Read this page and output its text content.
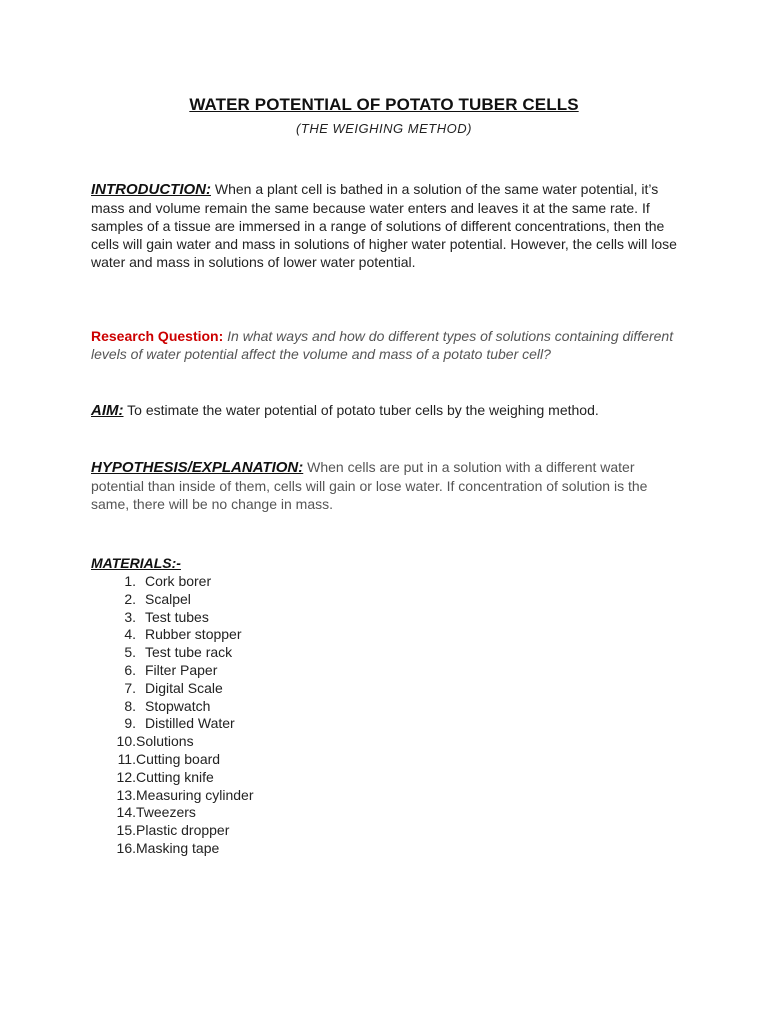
WATER POTENTIAL OF POTATO TUBER CELLS
(THE WEIGHING METHOD)
INTRODUCTION: When a plant cell is bathed in a solution of the same water potential, it’s mass and volume remain the same because water enters and leaves it at the same rate. If samples of a tissue are immersed in a range of solutions of different concentrations, then the cells will gain water and mass in solutions of higher water potential. However, the cells will lose water and mass in solutions of lower water potential.
Research Question: In what ways and how do different types of solutions containing different levels of water potential affect the volume and mass of a potato tuber cell?
AIM: To estimate the water potential of potato tuber cells by the weighing method.
HYPOTHESIS/EXPLANATION: When cells are put in a solution with a different water potential than inside of them, cells will gain or lose water. If concentration of solution is the same, there will be no change in mass.
MATERIALS:-
1. Cork borer
2. Scalpel
3. Test tubes
4. Rubber stopper
5. Test tube rack
6. Filter Paper
7. Digital Scale
8. Stopwatch
9. Distilled Water
10. Solutions
11. Cutting board
12. Cutting knife
13. Measuring cylinder
14. Tweezers
15. Plastic dropper
16. Masking tape
